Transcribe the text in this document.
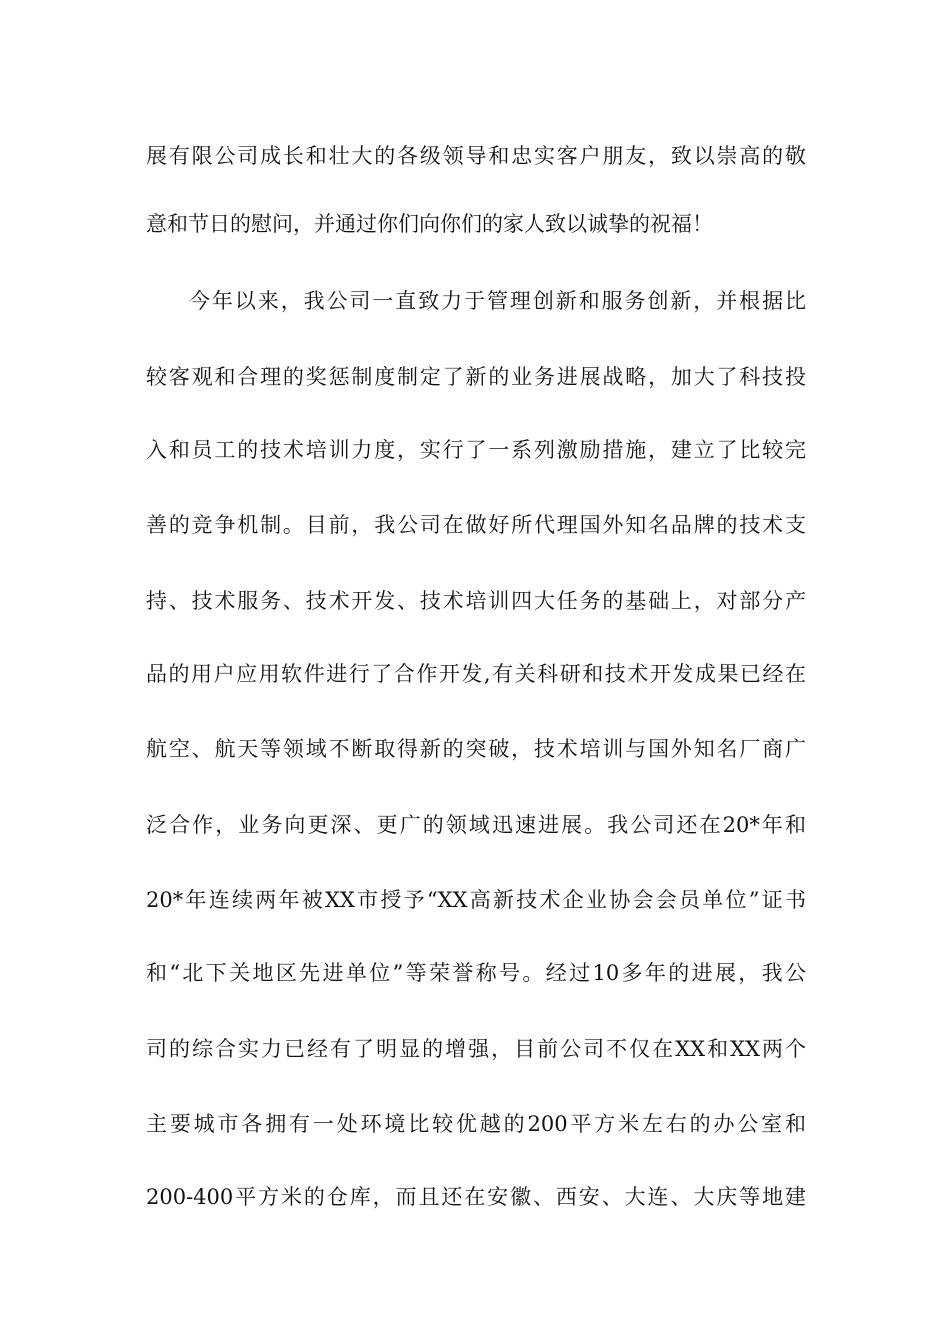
展有限公司成长和壮大的各级领导和忠实客户朋友，致以崇高的敬
意和节日的慰问，并通过你们向你们的家人致以诚挚的祝福！
今年以来，我公司一直致力于管理创新和服务创新，并根据比
较客观和合理的奖惩制度制定了新的业务进展战略，加大了科技投
入和员工的技术培训力度，实行了一系列激励措施，建立了比较完
善的竞争机制。目前，我公司在做好所代理国外知名品牌的技术支
持、技术服务、技术开发、技术培训四大任务的基础上，对部分产
品的用户应用软件进行了合作开发,有关科研和技术开发成果已经在
航空、航天等领域不断取得新的突破，技术培训与国外知名厂商广
泛合作，业务向更深、更广的领域迅速进展。我公司还在20*年和
20*年连续两年被XX市授予“XX高新技术企业协会会员单位”证书
和“北下关地区先进单位”等荣誉称号。经过10多年的进展，我公
司的综合实力已经有了明显的增强，目前公司不仅在XX和XX两个
主要城市各拥有一处环境比较优越的200平方米左右的办公室和
200-400平方米的仓库，而且还在安徽、西安、大连、大庆等地建
